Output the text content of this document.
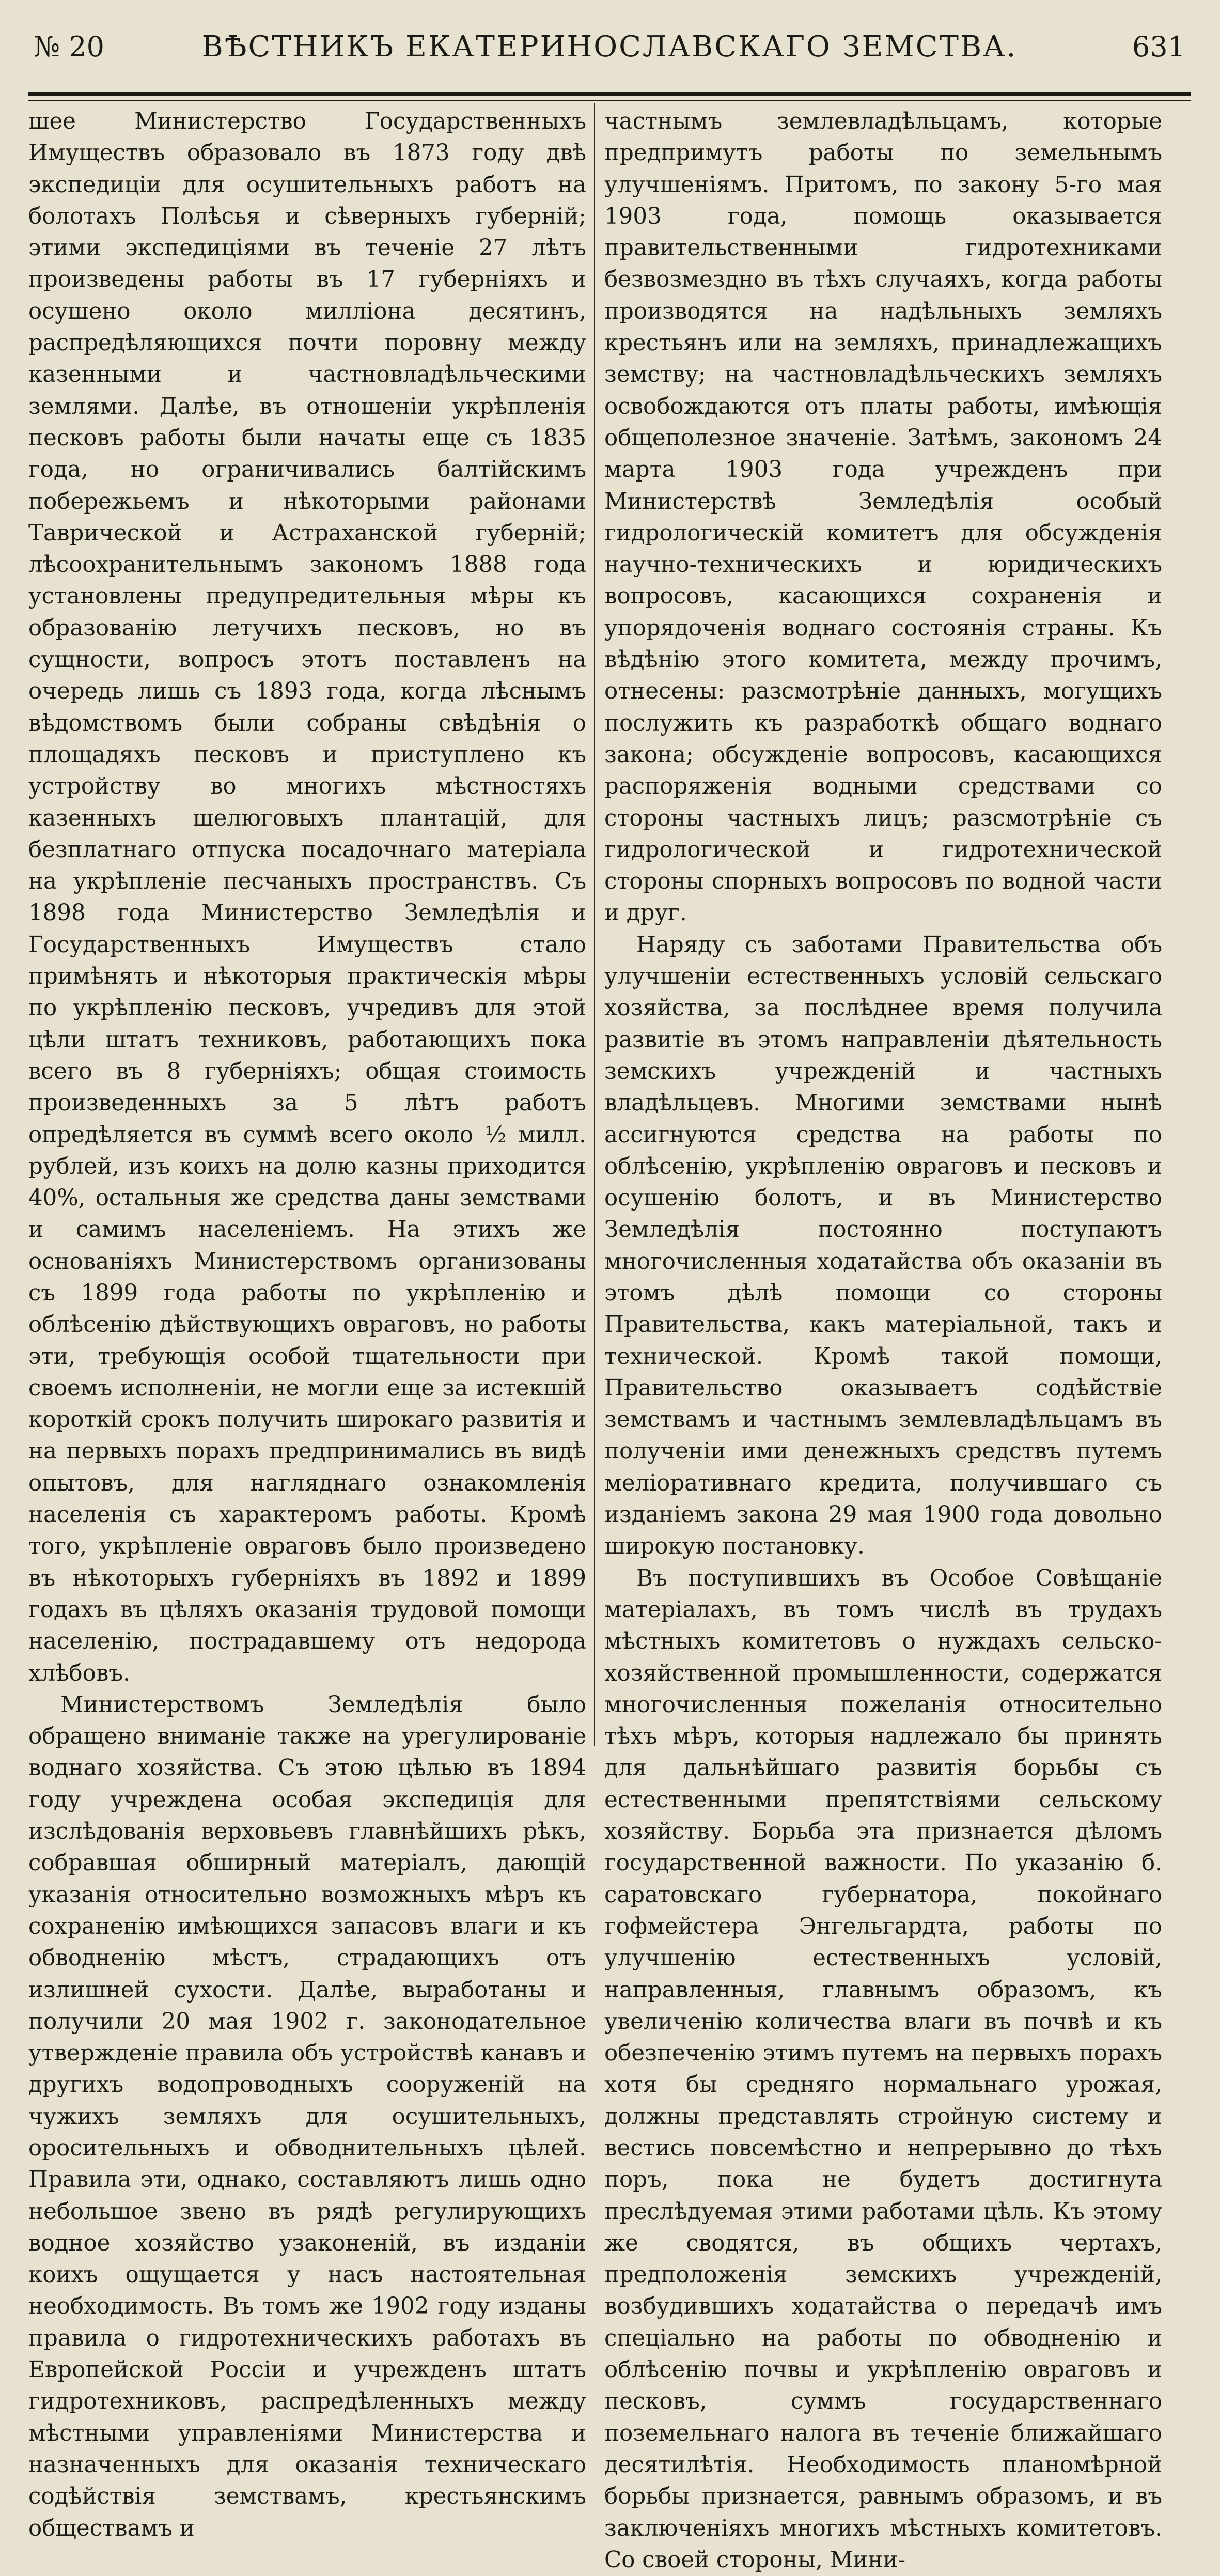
№ 20	ВѢСТНИКЪ ЕКАТЕРИНОСЛАВСКАГО ЗЕМСТВА.	631

шее Министерство Государственныхъ Имуществъ образовало въ 1873 году двѣ экспедиціи для осушительныхъ работъ на болотахъ Полѣсья и сѣверныхъ губерній; этими экспедиціями въ теченіе 27 лѣтъ произведены работы въ 17 губерніяхъ и осушено около милліона десятинъ, распредѣляющихся почти поровну между казенными и частновладѣльческими землями. Далѣе, въ отношеніи укрѣпленія песковъ работы были начаты еще съ 1835 года, но ограничивались балтійскимъ побережьемъ и нѣкоторыми районами Таврической и Астраханской губерній; лѣсоохранительнымъ закономъ 1888 года установлены предупредительныя мѣры къ образованію летучихъ песковъ, но въ сущности, вопросъ этотъ поставленъ на очередь лишь съ 1893 года, когда лѣснымъ вѣдомствомъ были собраны свѣдѣнія о площадяхъ песковъ и приступлено къ устройству во многихъ мѣстностяхъ казенныхъ шелюговыхъ плантацій, для безплатнаго отпуска посадочнаго матеріала на укрѣпленіе песчаныхъ пространствъ. Съ 1898 года Министерство Земледѣлія и Государственныхъ Имуществъ стало примѣнять и нѣкоторыя практическія мѣры по укрѣпленію песковъ, учредивъ для этой цѣли штатъ техниковъ, работающихъ пока всего въ 8 губерніяхъ; общая стоимость произведенныхъ за 5 лѣтъ работъ опредѣляется въ суммѣ всего около ½ милл. рублей, изъ коихъ на долю казны приходится 40%, остальныя же средства даны земствами и самимъ населеніемъ. На этихъ же основаніяхъ Министерствомъ организованы съ 1899 года работы по укрѣпленію и облѣсенію дѣйствующихъ овраговъ, но работы эти, требующія особой тщательности при своемъ исполненіи, не могли еще за истекшій короткій срокъ получить широкаго развитія и на первыхъ порахъ предпринимались въ видѣ опытовъ, для нагляднаго ознакомленія населенія съ характеромъ работы. Кромѣ того, укрѣпленіе овраговъ было произведено въ нѣкоторыхъ губерніяхъ въ 1892 и 1899 годахъ въ цѣляхъ оказанія трудовой помощи населенію, пострадавшему отъ недорода хлѣбовъ.

Министерствомъ Земледѣлія было обращено вниманіе также на урегулированіе воднаго хозяйства. Съ этою цѣлью въ 1894 году учреждена особая экспедиція для изслѣдованія верховьевъ главнѣйшихъ рѣкъ, собравшая обширный матеріалъ, дающій указанія относительно возможныхъ мѣръ къ сохраненію имѣющихся запасовъ влаги и къ обводненію мѣстъ, страдающихъ отъ излишней сухости. Далѣе, выработаны и получили 20 мая 1902 г. законодательное утвержденіе правила объ устройствѣ канавъ и другихъ водопроводныхъ сооруженій на чужихъ земляхъ для осушительныхъ, оросительныхъ и обводнительныхъ цѣлей. Правила эти, однако, составляютъ лишь одно небольшое звено въ рядѣ регулирующихъ водное хозяйство узаконеній, въ изданіи коихъ ощущается у насъ настоятельная необходимость. Въ томъ же 1902 году изданы правила о гидротехническихъ работахъ въ Европейской Россіи и учрежденъ штатъ гидротехниковъ, распредѣленныхъ между мѣстными управленіями Министерства и назначенныхъ для оказанія техническаго содѣйствія земствамъ, крестьянскимъ обществамъ и

частнымъ землевладѣльцамъ, которые предпримутъ работы по земельнымъ улучшеніямъ. Притомъ, по закону 5-го мая 1903 года, помощь оказывается правительственными гидротехниками безвозмездно въ тѣхъ случаяхъ, когда работы производятся на надѣльныхъ земляхъ крестьянъ или на земляхъ, принадлежащихъ земству; на частновладѣльческихъ земляхъ освобождаются отъ платы работы, имѣющія общеполезное значеніе. Затѣмъ, закономъ 24 марта 1903 года учрежденъ при Министерствѣ Земледѣлія особый гидрологическій комитетъ для обсужденія научно-техническихъ и юридическихъ вопросовъ, касающихся сохраненія и упорядоченія воднаго состоянія страны. Къ вѣдѣнію этого комитета, между прочимъ, отнесены: разсмотрѣніе данныхъ, могущихъ послужить къ разработкѣ общаго воднаго закона; обсужденіе вопросовъ, касающихся распоряженія водными средствами со стороны частныхъ лицъ; разсмотрѣніе съ гидрологической и гидротехнической стороны спорныхъ вопросовъ по водной части и друг.

Наряду съ заботами Правительства объ улучшеніи естественныхъ условій сельскаго хозяйства, за послѣднее время получила развитіе въ этомъ направленіи дѣятельность земскихъ учрежденій и частныхъ владѣльцевъ. Многими земствами нынѣ ассигнуются средства на работы по облѣсенію, укрѣпленію овраговъ и песковъ и осушенію болотъ, и въ Министерство Земледѣлія постоянно поступаютъ многочисленныя ходатайства объ оказаніи въ этомъ дѣлѣ помощи со стороны Правительства, какъ матеріальной, такъ и технической. Кромѣ такой помощи, Правительство оказываетъ содѣйствіе земствамъ и частнымъ землевладѣльцамъ въ полученіи ими денежныхъ средствъ путемъ мелioративнаго кредита, получившаго съ изданіемъ закона 29 мая 1900 года довольно широкую постановку.

Въ поступившихъ въ Особое Совѣщаніе матеріалахъ, въ томъ числѣ въ трудахъ мѣстныхъ комитетовъ о нуждахъ сельско-хозяйственной промышленности, содержатся многочисленныя пожеланія относительно тѣхъ мѣръ, которыя надлежало бы принять для дальнѣйшаго развитія борьбы съ естественными препятствіями сельскому хозяйству. Борьба эта признается дѣломъ государственной важности. По указанію б. саратовскаго губернатора, покойнаго гофмейстера Энгельгардта, работы по улучшенію естественныхъ условій, направленныя, главнымъ образомъ, къ увеличенію количества влаги въ почвѣ и къ обезпеченію этимъ путемъ на первыхъ порахъ хотя бы средняго нормальнаго урожая, должны представлять стройную систему и вестись повсемѣстно и непрерывно до тѣхъ поръ, пока не будетъ достигнута преслѣдуемая этими работами цѣль. Къ этому же сводятся, въ общихъ чертахъ, предположенія земскихъ учрежденій, возбудившихъ ходатайства о передачѣ имъ спеціально на работы по обводненію и облѣсенію почвы и укрѣпленію овраговъ и песковъ, суммъ государственнаго поземельнаго налога въ теченіе ближайшаго десятилѣтія. Необходимость планомѣрной борьбы признается, равнымъ образомъ, и въ заключеніяхъ многихъ мѣстныхъ комитетовъ. Со своей стороны, Мини-
